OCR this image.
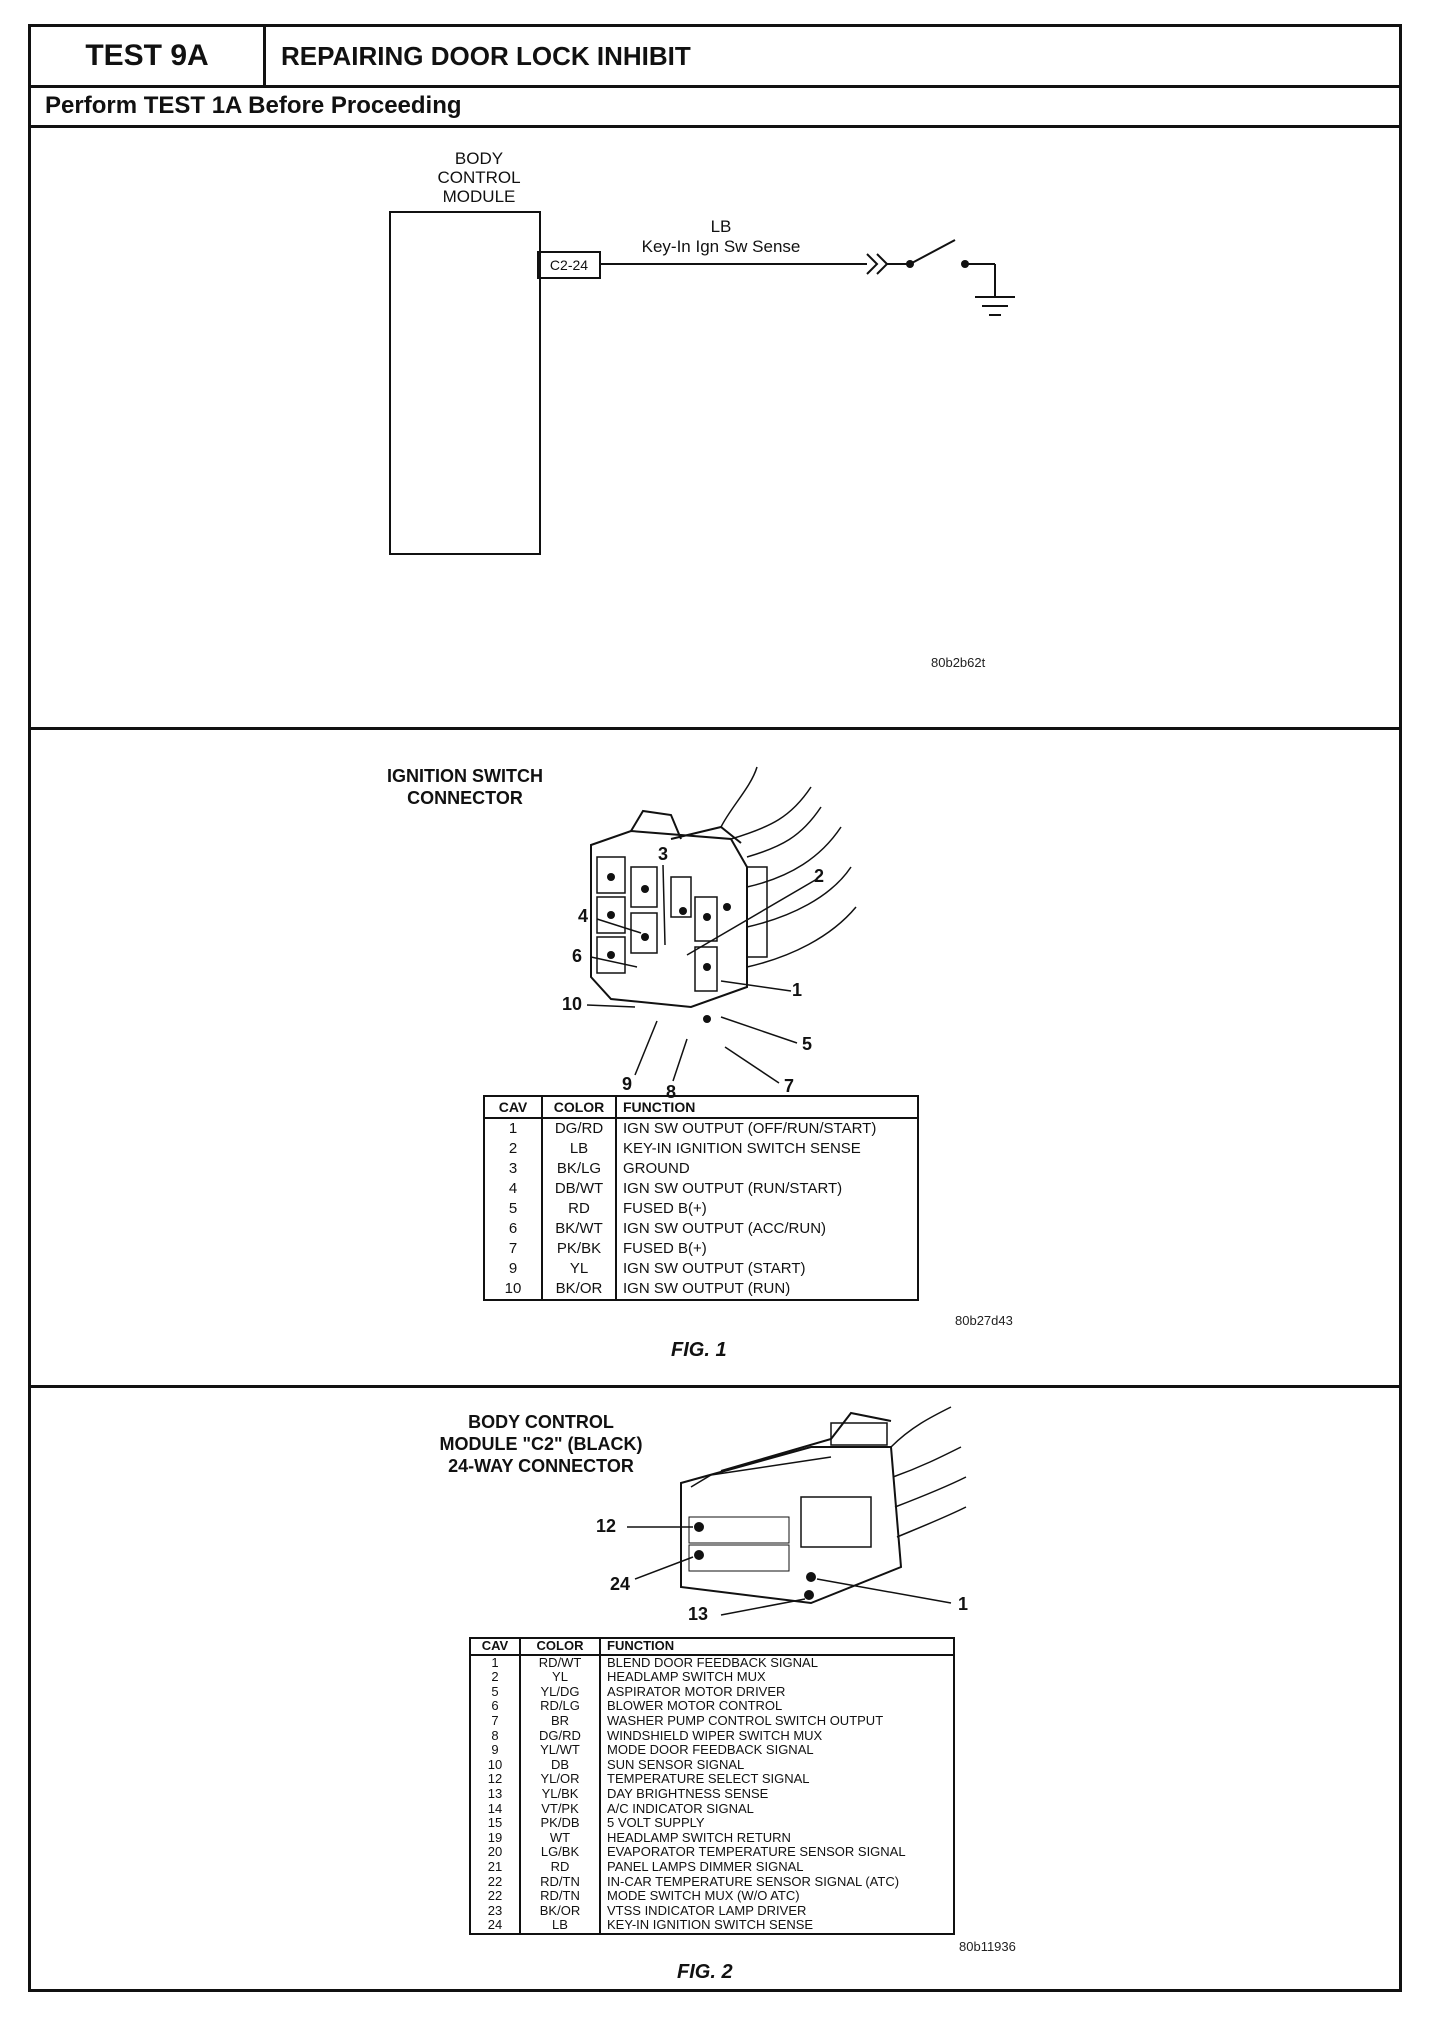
TEST 9A	REPAIRING DOOR LOCK INHIBIT
Perform TEST 1A Before Proceeding
BODY
CONTROL
MODULE
C2-24
LB
Key-In Ign Sw Sense
80b2b62t
IGNITION SWITCH
CONNECTOR
3
2
4
6
1
10
5
9 8	7
CAV	COLOR	FUNCTION
1	DG/RD	IGN SW OUTPUT (OFF/RUN/START)
2	LB	KEY-IN IGNITION SWITCH SENSE
3	BK/LG	GROUND
4	DB/WT	IGN SW OUTPUT (RUN/START)
5	RD	FUSED B(+)
6	BK/WT	IGN SW OUTPUT (ACC/RUN)
7	PK/BK	FUSED B(+)
9	YL	IGN SW OUTPUT (START)
10	BK/OR	IGN SW OUTPUT (RUN)
80b27d43
FIG. 1
BODY CONTROL
MODULE "C2" (BLACK)
24-WAY CONNECTOR
12
24
1
13
CAV	COLOR	FUNCTION
1	RD/WT	BLEND DOOR FEEDBACK SIGNAL
2	YL	HEADLAMP SWITCH MUX
5	YL/DG	ASPIRATOR MOTOR DRIVER
6	RD/LG	BLOWER MOTOR CONTROL
7	BR	WASHER PUMP CONTROL SWITCH OUTPUT
8	DG/RD	WINDSHIELD WIPER SWITCH MUX
9	YL/WT	MODE DOOR FEEDBACK SIGNAL
10	DB	SUN SENSOR SIGNAL
12	YL/OR	TEMPERATURE SELECT SIGNAL
13	YL/BK	DAY BRIGHTNESS SENSE
14	VT/PK	A/C INDICATOR SIGNAL
15	PK/DB	5 VOLT SUPPLY
19	WT	HEADLAMP SWITCH RETURN
20	LG/BK	EVAPORATOR TEMPERATURE SENSOR SIGNAL
21	RD	PANEL LAMPS DIMMER SIGNAL
22	RD/TN	IN-CAR TEMPERATURE SENSOR SIGNAL (ATC)
22	RD/TN	MODE SWITCH MUX (W/O ATC)
23	BK/OR	VTSS INDICATOR LAMP DRIVER
24	LB	KEY-IN IGNITION SWITCH SENSE
80b11936
FIG. 2
